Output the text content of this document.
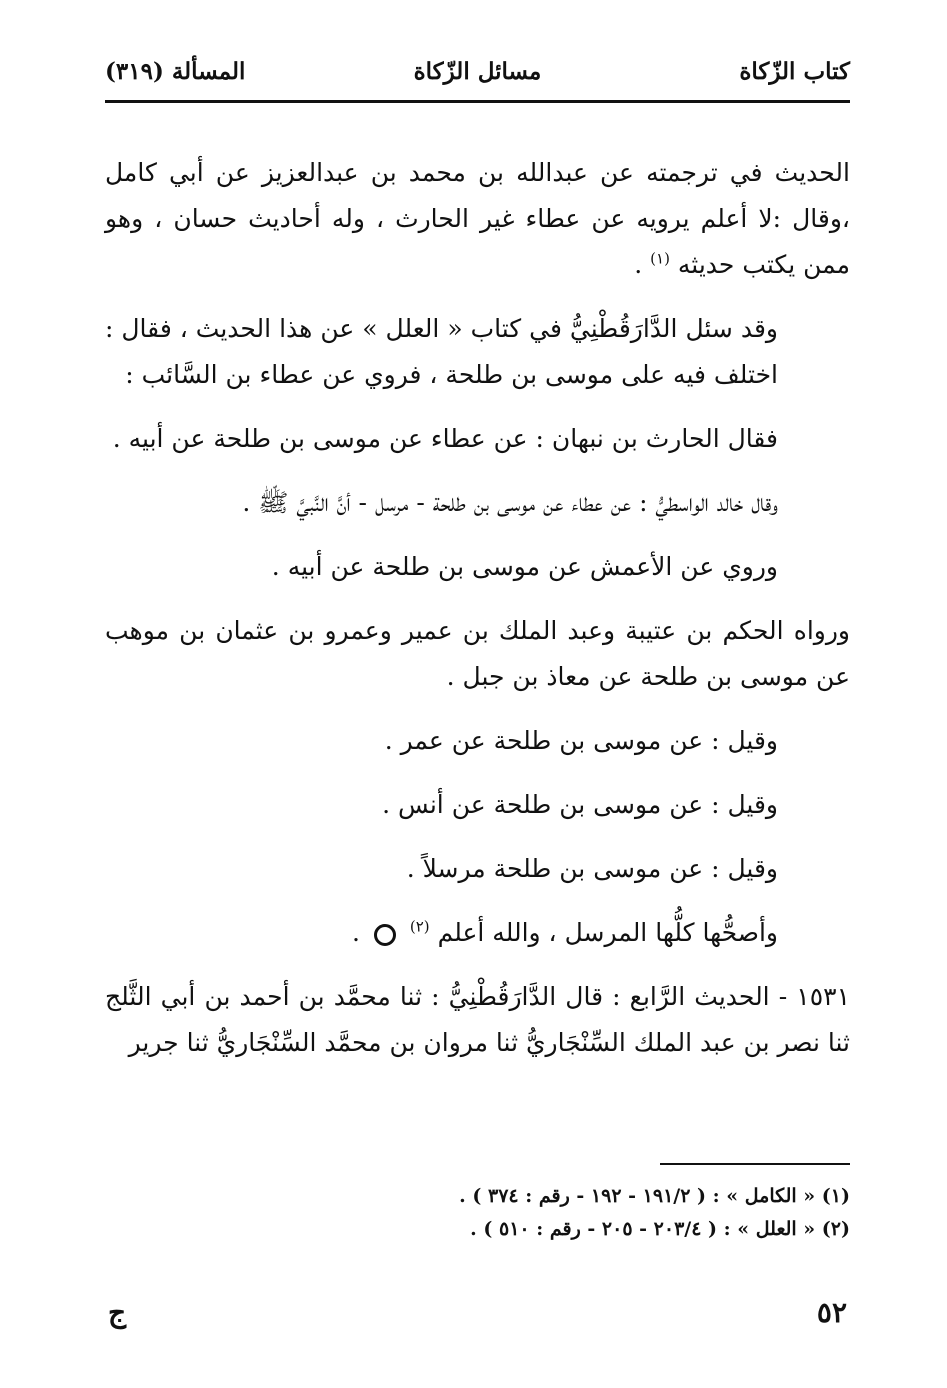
كتاب الزّكاة
مسائل الزّكاة
المسألة (٣١٩)

الحديث في ترجمته عن عبدالله بن محمد بن عبدالعزيز عن أبي كامل ،وقال :لا أعلم يرويه عن عطاء غير الحارث ، وله أحاديث حسان ، وهو ممن يكتب حديثه $^{(١)}$ .

وقد سئل الدَّارَقُطْنِيُّ في كتاب « العلل » عن هذا الحديث ، فقال : اختلف فيه على موسى بن طلحة ، فروي عن عطاء بن السَّائب :

فقال الحارث بن نبهان : عن عطاء عن موسى بن طلحة عن أبيه .

وقال خالد الواسطيُّ : عن عطاء عن موسى بن طلحة - مرسل - أنَّ النَّبيَّ ﷺ .

وروي عن الأعمش عن موسى بن طلحة عن أبيه .

ورواه الحكم بن عتيبة وعبد الملك بن عمير وعمرو بن عثمان بن موهب عن موسى بن طلحة عن معاذ بن جبل .

وقيل : عن موسى بن طلحة عن عمر .

وقيل : عن موسى بن طلحة عن أنس .

وقيل : عن موسى بن طلحة مرسلاً .

وأصحُّها كلُّها المرسل ، والله أعلم $^{(٢)}$  .

١٥٣١ - الحديث الرَّابع : قال الدَّارَقُطْنِيُّ : ثنا محمَّد بن أحمد بن أبي الثَّلج ثنا نصر بن عبد الملك السِّنْجَاريُّ ثنا مروان بن محمَّد السِّنْجَاريُّ ثنا جرير

(١) « الكامل » : ( ١٩١/٢ - ١٩٢ - رقم : ٣٧٤ ) .
(٢) « العلل » : ( ٢٠٣/٤ - ٢٠٥ - رقم : ٥١٠ ) .
٥٢
ج
